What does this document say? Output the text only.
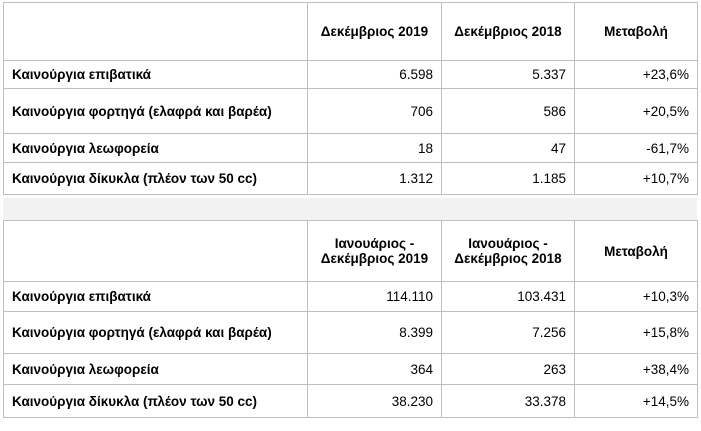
	Δεκέμβριος 2019	Δεκέμβριος 2018	Μεταβολή
Καινούργια επιβατικά	6.598	5.337	+23,6%
Καινούργια φορτηγά (ελαφρά και βαρέα)	706	586	+20,5%
Καινούργια λεωφορεία	18	47	-61,7%
Καινούργια δίκυκλα (πλέον των 50 cc)	1.312	1.185	+10,7%
	Ιανουάριος - Δεκέμβριος 2019	Ιανουάριος - Δεκέμβριος 2018	Μεταβολή
Καινούργια επιβατικά	114.110	103.431	+10,3%
Καινούργια φορτηγά (ελαφρά και βαρέα)	8.399	7.256	+15,8%
Καινούργια λεωφορεία	364	263	+38,4%
Καινούργια δίκυκλα (πλέον των 50 cc)	38.230	33.378	+14,5%
